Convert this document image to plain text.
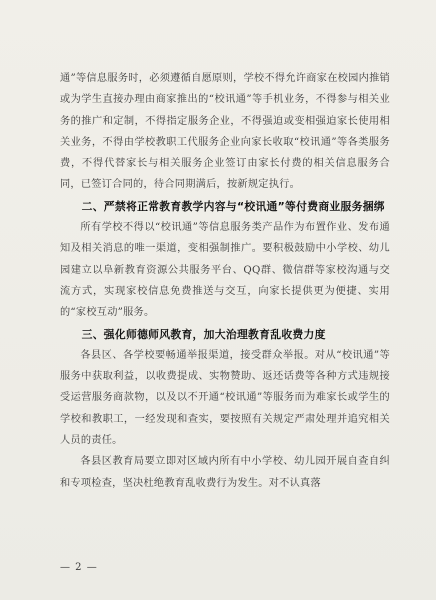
通”等信息服务时，必须遵循自愿原则，学校不得允许商家在校园内推销或为学生直接办理由商家推出的“校讯通”等手机业务，不得参与相关业务的推广和定制，不得指定服务企业，不得强迫或变相强迫家长使用相关业务，不得由学校教职工代服务企业向家长收取“校讯通”等各类服务费，不得代替家长与相关服务企业签订由家长付费的相关信息服务合同，已签订合同的，待合同期满后，按新规定执行。

二、严禁将正常教育教学内容与“校讯通”等付费商业服务捆绑

所有学校不得以“校讯通”等信息服务类产品作为布置作业、发布通知及相关消息的唯一渠道，变相强制推广。要积极鼓励中小学校、幼儿园建立以阜新教育资源公共服务平台、QQ群、微信群等家校沟通与交流方式，实现家校信息免费推送与交互，向家长提供更为便捷、实用的“家校互动”服务。

三、强化师德师风教育，加大治理教育乱收费力度

各县区、各学校要畅通举报渠道，接受群众举报。对从“校讯通”等服务中获取利益，以收费提成、实物赞助、返还话费等各种方式违规接受运营服务商款物，以及以不开通“校讯通”等服务而为难家长或学生的学校和教职工，一经发现和查实，要按照有关规定严肃处理并追究相关人员的责任。

各县区教育局要立即对区域内所有中小学校、幼儿园开展自查自纠和专项检查，坚决杜绝教育乱收费行为发生。对不认真落

— 2 —
